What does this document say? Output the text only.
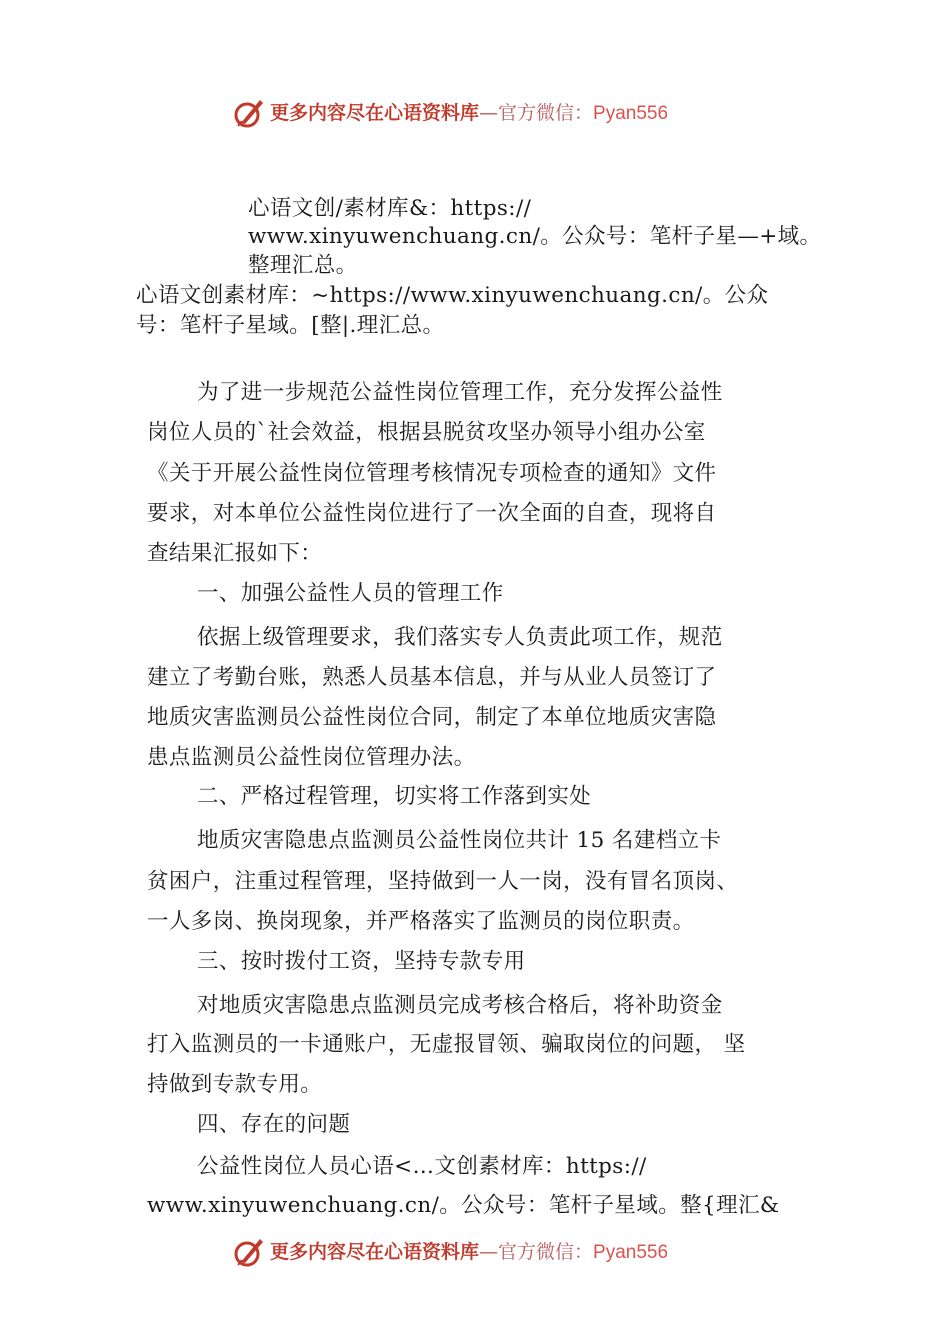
更多内容尽在心语资料库—官方微信：Pyan556
心语文创/素材库&：https://
www.xinyuwenchuang.cn/。公众号：笔杆子星—+域。
整理汇总。
心语文创素材库：~https://www.xinyuwenchuang.cn/。公众
号：笔杆子星域。[整|.理汇总。
为了进一步规范公益性岗位管理工作，充分发挥公益性
岗位人员的`社会效益，根据县脱贫攻坚办领导小组办公室
《关于开展公益性岗位管理考核情况专项检查的通知》文件
要求，对本单位公益性岗位进行了一次全面的自查，现将自
查结果汇报如下：
一、加强公益性人员的管理工作
依据上级管理要求，我们落实专人负责此项工作，规范
建立了考勤台账，熟悉人员基本信息，并与从业人员签订了
地质灾害监测员公益性岗位合同，制定了本单位地质灾害隐
患点监测员公益性岗位管理办法。
二、严格过程管理，切实将工作落到实处
地质灾害隐患点监测员公益性岗位共计 15 名建档立卡
贫困户，注重过程管理，坚持做到一人一岗，没有冒名顶岗、
一人多岗、换岗现象，并严格落实了监测员的岗位职责。
三、按时拨付工资，坚持专款专用
对地质灾害隐患点监测员完成考核合格后，将补助资金
打入监测员的一卡通账户，无虚报冒领、骗取岗位的问题， 坚
持做到专款专用。
四、存在的问题
公益性岗位人员心语<…文创素材库：https://
www.xinyuwenchuang.cn/。公众号：笔杆子星域。整{理汇&
更多内容尽在心语资料库—官方微信：Pyan556
